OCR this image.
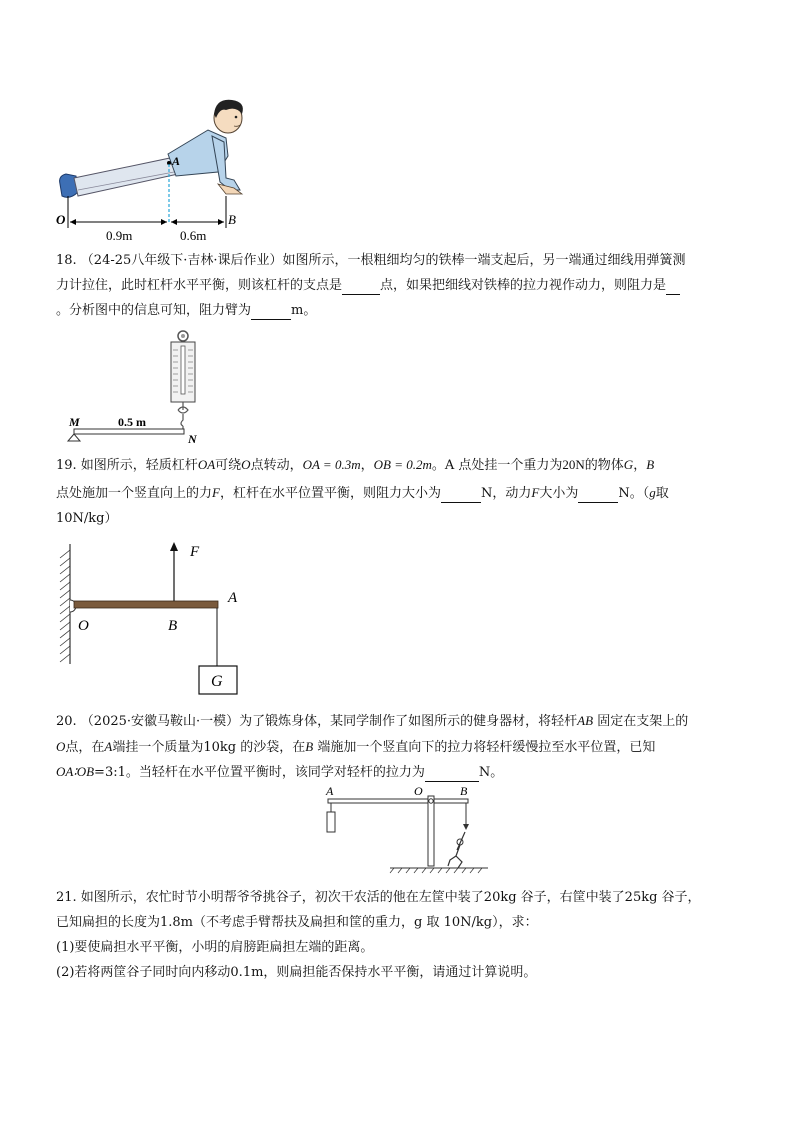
A
O	B
0.9m	0.6m
18. （24-25八年级下·吉林·课后作业）如图所示，一根粗细均匀的铁棒一端支起后，另一端通过细线用弹簧测
力计拉住，此时杠杆水平平衡，则该杠杆的支点是	点，如果把细线对铁棒的拉力视作动力，则阻力是
。分析图中的信息可知，阻力臂为	m。
M
N
0.5 m
19. 如图所示，轻质杠杆OA可绕O点转动，OA = 0.3m，OB = 0.2m。A 点处挂一个重力为20N的物体G，B
点处施加一个竖直向上的力F，杠杆在水平位置平衡，则阻力大小为	N，动力F大小为	N。（g取
10N/kg）
F
G
A
O	B
20. （2025·安徽马鞍山·一模）为了锻炼身体，某同学制作了如图所示的健身器材，将轻杆AB 固定在支架上的
O点，在A端挂一个质量为10kg 的沙袋，在B 端施加一个竖直向下的拉力将轻杆缓慢拉至水平位置，已知
OA∶OB=3:1。当轻杆在水平位置平衡时，该同学对轻杆的拉力为	N。
A	O	B
21. 如图所示，农忙时节小明帮爷爷挑谷子，初次干农活的他在左筐中装了20kg 谷子，右筐中装了25kg 谷子，
已知扁担的长度为1.8m（不考虑手臂帮扶及扁担和筐的重力，g 取 10N/kg），求：
(1)要使扁担水平平衡，小明的肩膀距扁担左端的距离。
(2)若将两筐谷子同时向内移动0.1m，则扁担能否保持水平平衡，请通过计算说明。
